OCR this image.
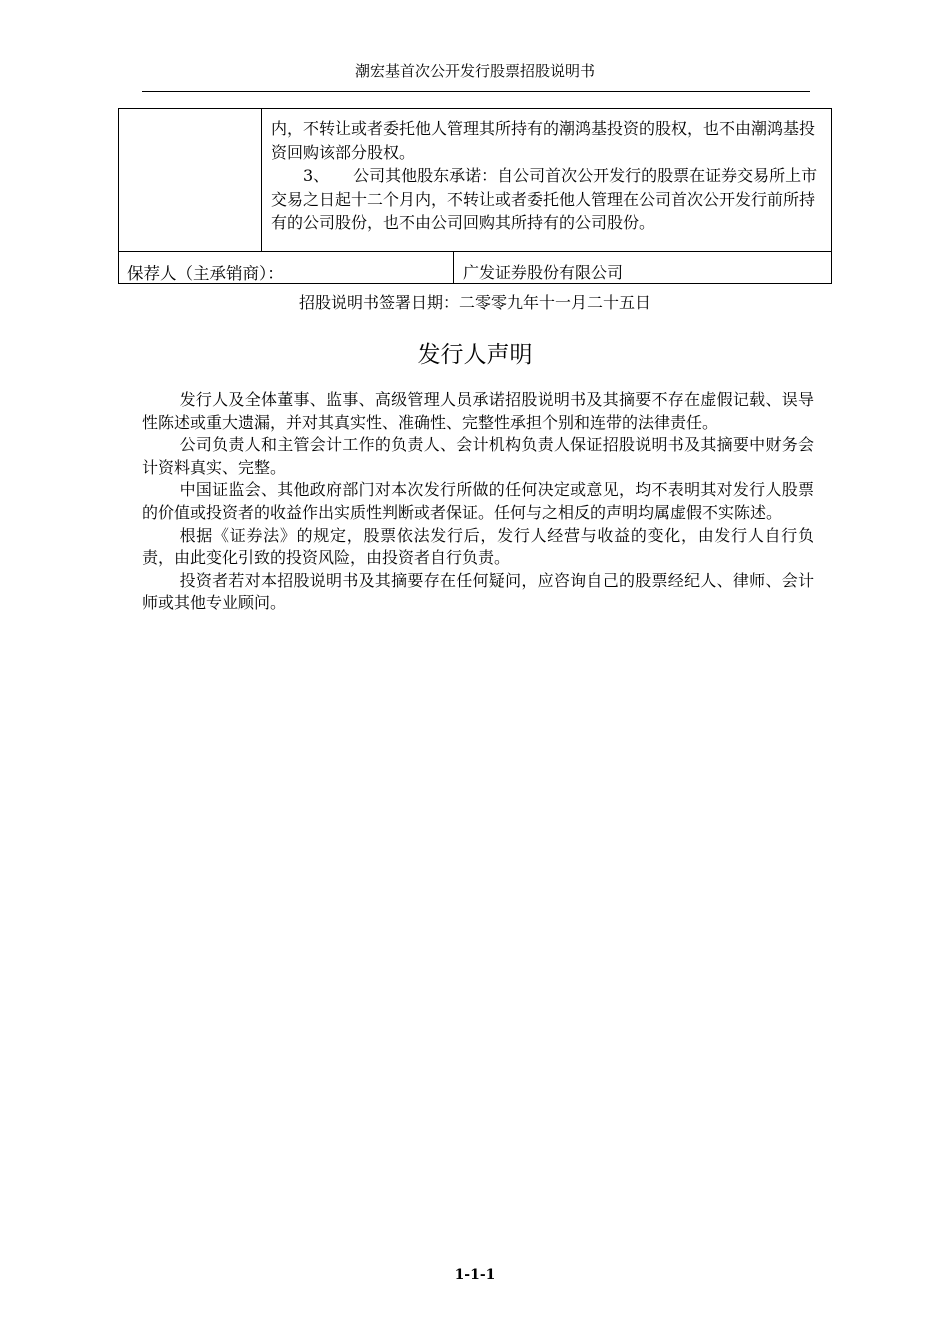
潮宏基首次公开发行股票招股说明书

内，不转让或者委托他人管理其所持有的潮鸿基投资的股权，也不由潮鸿基投资回购该部分股权。

3、　　公司其他股东承诺：自公司首次公开发行的股票在证券交易所上市交易之日起十二个月内，不转让或者委托他人管理在公司首次公开发行前所持有的公司股份，也不由公司回购其所持有的公司股份。

保荐人（主承销商）：	广发证券股份有限公司
招股说明书签署日期：二零零九年十一月二十五日
发行人声明

发行人及全体董事、监事、高级管理人员承诺招股说明书及其摘要不存在虚假记载、误导性陈述或重大遗漏，并对其真实性、准确性、完整性承担个别和连带的法律责任。

公司负责人和主管会计工作的负责人、会计机构负责人保证招股说明书及其摘要中财务会计资料真实、完整。

中国证监会、其他政府部门对本次发行所做的任何决定或意见，均不表明其对发行人股票的价值或投资者的收益作出实质性判断或者保证。任何与之相反的声明均属虚假不实陈述。

根据《证券法》的规定，股票依法发行后，发行人经营与收益的变化，由发行人自行负责，由此变化引致的投资风险，由投资者自行负责。

投资者若对本招股说明书及其摘要存在任何疑问，应咨询自己的股票经纪人、律师、会计师或其他专业顾问。

1-1-1
